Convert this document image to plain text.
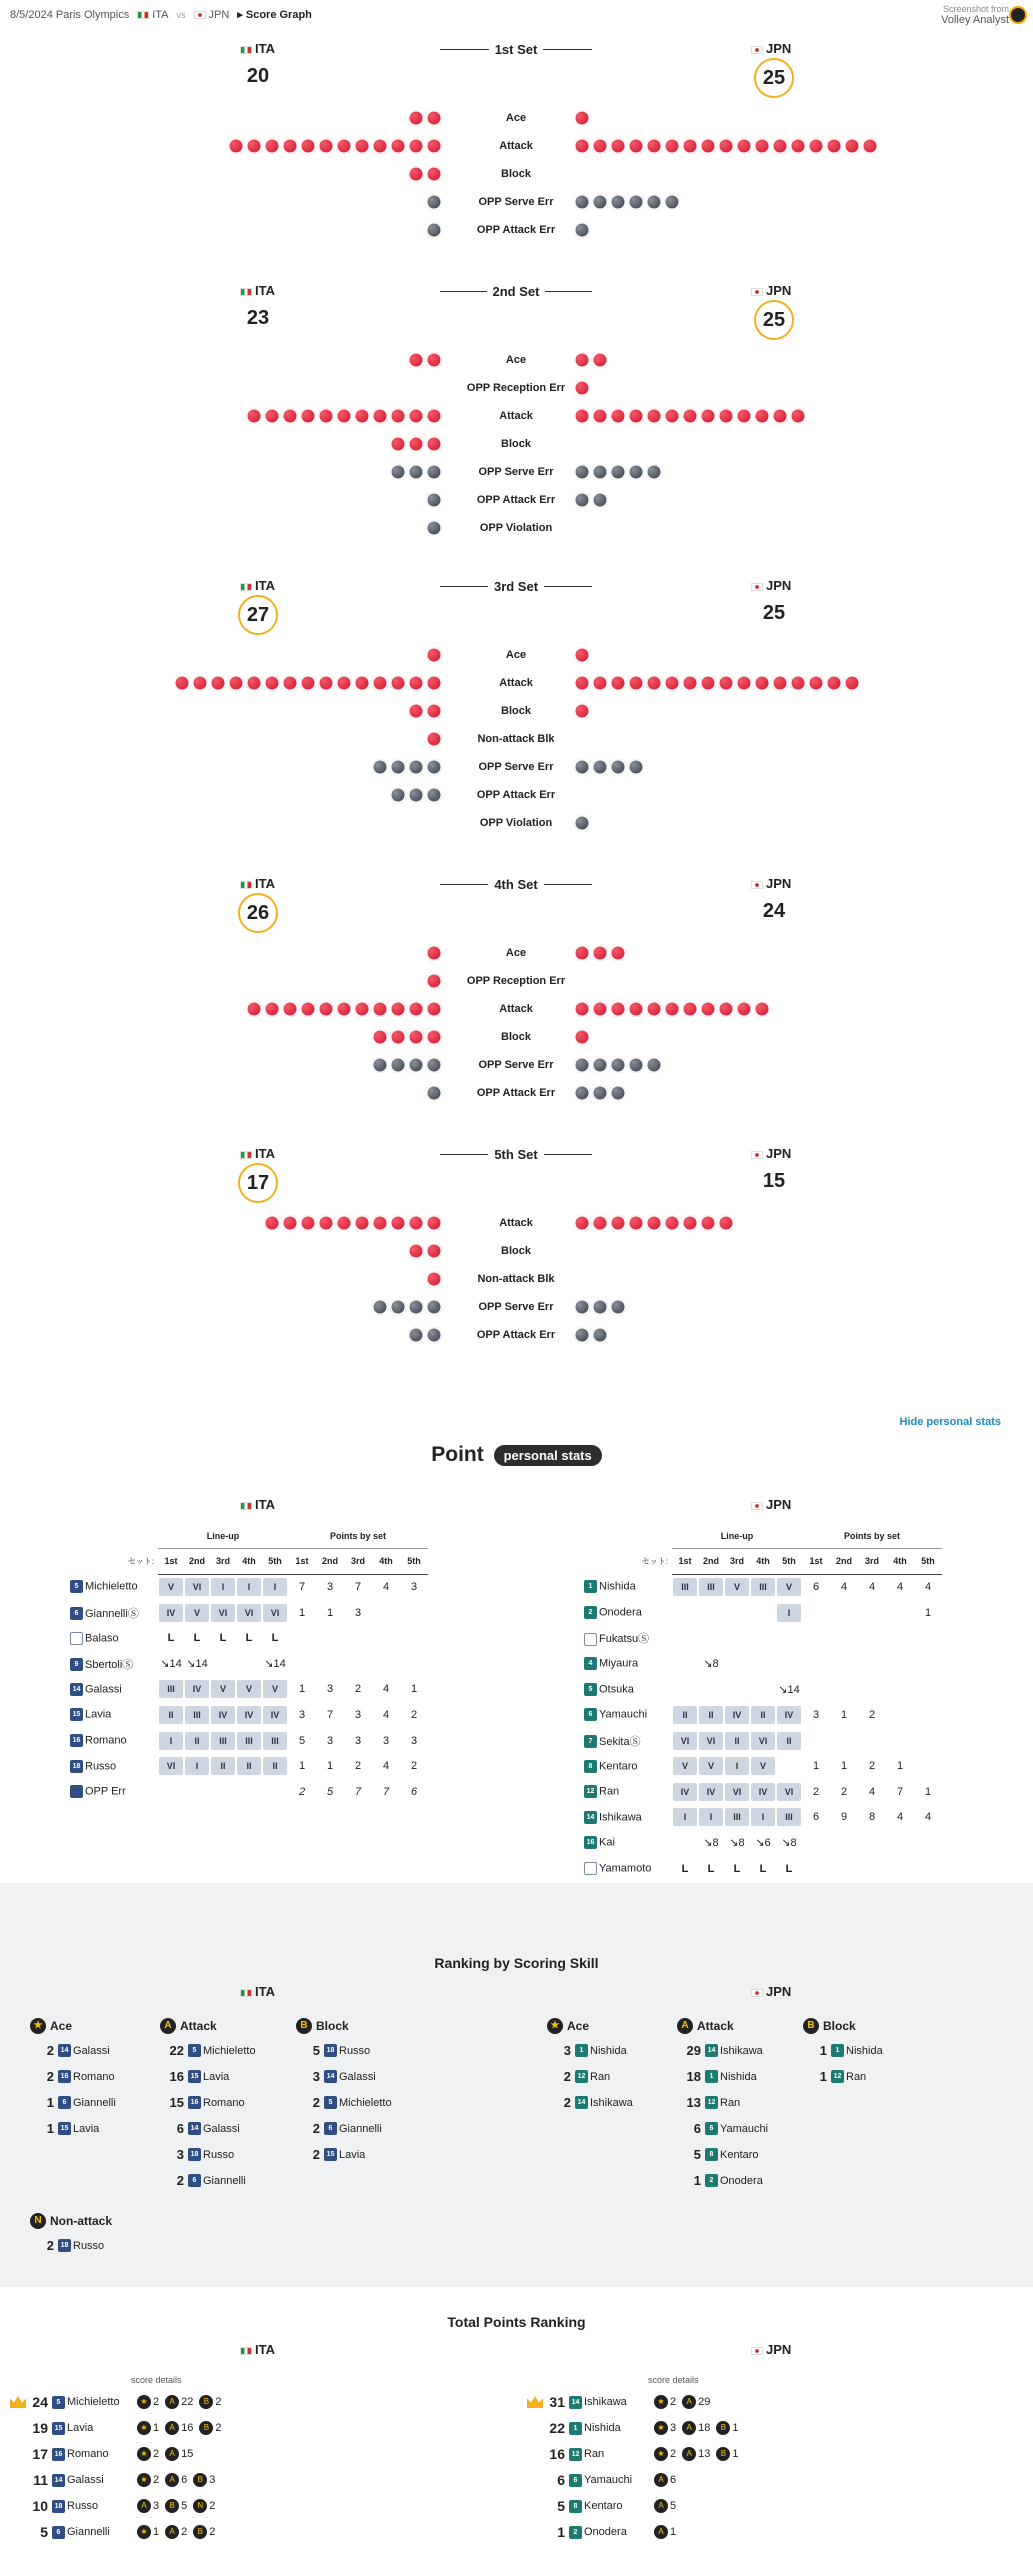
8/5/2024 Paris Olympics	ITA vs	JPN ▸ Score Graph	Screenshot from
Volley Analyst
ITA	JPN
20	25
1st Set
Ace
Attack
Block
OPP Serve Err
OPP Attack Err
ITA	JPN
23	25
2nd Set
Ace
OPP Reception Err
Attack
Block
OPP Serve Err
OPP Attack Err
OPP Violation
ITA	JPN
27	25
3rd Set
Ace
Attack
Block
Non-attack Blk
OPP Serve Err
OPP Attack Err
OPP Violation
ITA	JPN
26	24
4th Set
Ace
OPP Reception Err
Attack
Block
OPP Serve Err
OPP Attack Err
ITA	JPN
17	15
5th Set
Attack
Block
Non-attack Blk
OPP Serve Err
OPP Attack Err
Hide personal stats
Point personal stats
ITA	JPN
	Line-up					Points by set				
セット:	1st	2nd	3rd	4th	5th	1st	2nd	3rd	4th	5th
5 Michieletto	V	VI	I	I	I	7	3	7	4	3
6 GiannelliⓈ	IV	V	VI	VI	VI	1	1	3		
Balaso	L	L	L	L	L					
9 SbertoliⓈ	↘14	↘14			↘14					
14 Galassi	III	IV	V	V	V	1	3	2	4	1
15 Lavia	II	III	IV	IV	IV	3	7	3	4	2
16 Romano	I	II	III	III	III	5	3	3	3	3
18 Russo	VI	I	II	II	II	1	1	2	4	2
OPP Err						2	5	7	7	6
	Line-up					Points by set				
セット:	1st	2nd	3rd	4th	5th	1st	2nd	3rd	4th	5th
1 Nishida	III	III	V	III	V	6	4	4	4	4
2 Onodera					I					1
FukatsuⓈ										
4 Miyaura		↘8								
5 Otsuka					↘14					
6 Yamauchi	II	II	IV	II	IV	3	1	2		
7 SekitaⓈ	VI	VI	II	VI	II					
8 Kentaro	V	V	I	V		1	1	2	1	
12 Ran	IV	IV	VI	IV	VI	2	2	4	7	1
14 Ishikawa	I	I	III	I	III	6	9	8	4	4
16 Kai		↘8	↘8	↘6	↘8					
Yamamoto	L	L	L	L	L					

Ranking by Scoring Skill
ITA	JPN
★ Ace
2 14 Galassi
2 16 Romano
1	6 Giannelli
1 15 Lavia
A Attack
22	5 Michieletto
16 15 Lavia
15 16 Romano
6 14 Galassi
3 18 Russo
2	6 Giannelli
B Block
5 18 Russo
3 14 Galassi
2	5 Michieletto
2	6 Giannelli
2 15 Lavia
N Non-attack
2 18 Russo
★ Ace
3	1 Nishida
2 12 Ran
2 14 Ishikawa
A Attack
29 14 Ishikawa
18	1 Nishida
13 12 Ran
6	6 Yamauchi
5	8 Kentaro
1	2 Onodera
B Block
1	1 Nishida
1 12 Ran
Total Points Ranking
ITA	JPN
score details	score details
24	5 Michieletto	★ 2	A 22	B 2
19 15 Lavia	★ 1	A 16	B 2
17 16 Romano	★ 2	A 15
11 14 Galassi	★ 2	A 6	B 3
10 18 Russo	A 3	B 5	N 2
5	6 Giannelli	★ 1	A 2	B 2
31 14 Ishikawa	★ 2	A 29
22	1 Nishida	★ 3	A 18	B 1
16 12 Ran	★ 2	A 13	B 1
6	6 Yamauchi	A 6
5	8 Kentaro	A 5
1	2 Onodera	A 1
